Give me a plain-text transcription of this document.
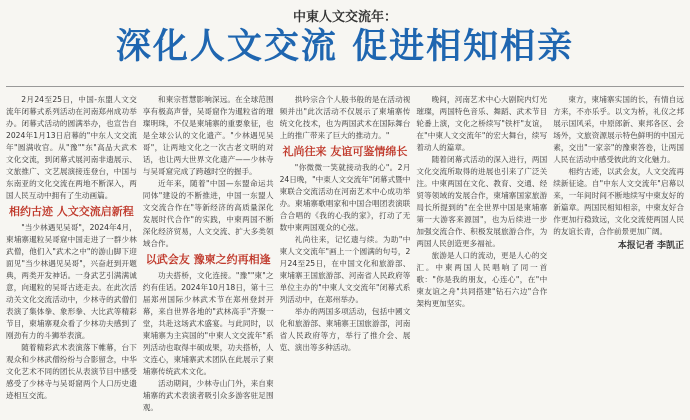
中東人文交流年：
深化人文交流 促进相知相亲

2月24至25日，中国-东盟人文交流年闭幕式系列活动在河南郑州成功举办。闭幕式活动的圆满举办，也宣告自2024年1月13日启幕的"中东人文交流年"圆满收官。从"豫""东"高品大武术文化交流，到闭幕式展河南非遗展示、文旅推广、文艺展演接连登台，中国与东南亚的文化交流在两地不断深入，两国人民互动中拥有了生动画篇。

相约古迹 人文交流启新程

"当少林遇见吴哥"，2024年4月，柬埔寨暹粒吴哥窟中国走进了一群少林武僧，他们入"武术之中"的游山脚下迎面见"当少林遇见吴哥"，兴奋赶到开题典，两类开发神话。一身武艺引满满诚意，向暹粒的吴哥古迹走去。在此次活动关文化交流活动中，少林寺的武僧们表演了集体拳、象形拳、大比武等精彩节目，柬埔寨观众看了少林功夫感到了刚劲有力的斗狮举表演。

随着精彩武术表演落下帷幕，台下观众和少林武僧纷纷与合影留念，中华文化艺术不同的团长从表演节目中感受感受了少林寺与吴哥窟两个人口历史遗迹相互交流。

和柬宗哲慧影响深远。在全球范围享有极高声誉，吴哥窟作为暹粒省的璀璨明珠，不仅是柬埔寨的重要象征，也是全球公认的文化遗产。"少林遇见吴哥"，让两地文化之一次古老文明的对话，也让两大世界文化遗产——少林寺与吴哥窟完成了跨越时空的握手。

近年来，随着"中国—东盟命运共同体"建设的不断推进，中国一东盟人文交流合作在"等新经济的高质量深化发展时代合作"的实践，中柬两国不断深化经济贸易，人文交流、扩大多类领域合作。

以武会友 豫柬之约再相逢

功夫搭桥，文化连接。"豫""柬"之约有佳话。2024年10月18日，第十三届郑州国际少林武术节在郑州登封开幕，来自世界各地的"武林高手"齐聚一堂，共赴这场武术盛宴。与此同时，以柬埔寨为主宾国的"中柬人文交流年"系列活动也取得丰硕成果，功夫搭桥，人文连心，柬埔寨武术团队在此展示了柬埔寨传统武术文化。

活动期间，少林寺山门外，来自柬埔寨的武术表演者吸引众多游客驻足围观。

拱吟宗合个人般书般的是在活动视频并出"此次活动不仅展示了柬埔寨传统文化技术，也为两国武术在国际舞台上的推广带来了巨大的推动力。"

礼尚往来 友谊可鉴情绵长

"你微微一笑就接动我的心"。2月24日晚，"中東人文交流年"闭幕式暨中柬联合交流活动在河南艺术中心成功举办。柬埔寨歌唱家和中国合唱团表演联合合唱的《我的心我的家》，打动了无数中柬两国观众的心弦。

礼尚往来，记忆遗与续。为助"中柬人文交流年"画上一个圆满的句号，2月24至25日，在中国文化和旅游部、柬埔寨王国旅游部、河南省人民政府等单位主办的"中柬人文交流年"闭幕式系列活动中，在郑州举办。

举办的两国多项活动，包括中國文化和旅游部、柬埔寨王国旅游部，河南省人民政府等方，举行了推介会、展览、演出等多种活动。

晚间，河南艺术中心大剧院内灯光璀璨，两国特色音乐、舞蹈、武术节目轮番上演，文化之桥续写"铁杆"友谊，在"中柬人文交流年"的宏大舞台，续写着动人的篇章。

随着闭幕式活动的深入进行，两国文化交流所取得的进展也引来了广泛关注。中柬两国在文化、教育、交通、经贸等领域的发展合作，柬埔寨国家旅游局长所提到的"在全世界中国是柬埔寨第一大游客来源国"，也为后续进一步加强交流合作、积极发展旅游合作，为两国人民创造更多福祉。

旅游是人口的流动，更是人心的交汇。中柬两国人民唱响了同一首歌："你是我的朋友，心连心"，在"中柬友谊之舟"共同搭建"钻石六边"合作架构更加坚实。

柬方，柬埔寨实国的长，有情自远方来，不亦乐乎。以文为桥，礼仪之邦展示国风采，中原郎新、柬邦各区、会场外，文旅资源展示特色鲜明的中国元素，交出"一家亲"的豫柬答卷，让两国人民在活动中感受彼此的文化魅力。

相约古迹，以武会友，人文交流再续新征途。自"中东人文交流年"启幕以来，一年间时间不断地续写中柬友好的新篇章。两国民相知相亲，中柬友好合作更加行稳致远，文化交流使两国人民的友谊长青，合作前景更加广阔。

本报记者 李凯正
